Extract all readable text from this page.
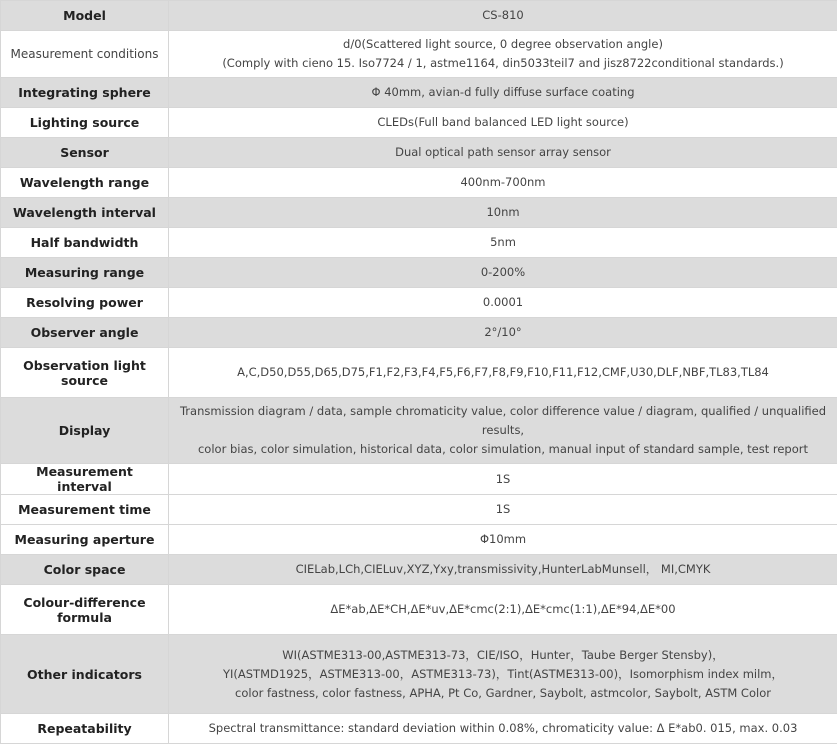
Model	CS-810

Measurement conditions	d/0(Scattered light source, 0 degree observation angle)
(Comply with cieno 15. Iso7724 / 1, astme1164, din5033teil7 and jisz8722conditional standards.)

Integrating sphere	Φ 40mm, avian-d fully diffuse surface coating

Lighting source	CLEDs(Full band balanced LED light source)

Sensor	Dual optical path sensor array sensor

Wavelength range	400nm-700nm

Wavelength interval	10nm

Half bandwidth	5nm

Measuring range	0-200%

Resolving power	0.0001

Observer angle	2°/10°

Observation light source	A,C,D50,D55,D65,D75,F1,F2,F3,F4,F5,F6,F7,F8,F9,F10,F11,F12,CMF,U30,DLF,NBF,TL83,TL84

Display	Transmission diagram / data, sample chromaticity value, color difference value / diagram, qualified / unqualified results,
color bias, color simulation, historical data, color simulation, manual input of standard sample, test report

Measurement interval	1S

Measurement time	1S

Measuring aperture	Φ10mm

Color space	CIELab,LCh,CIELuv,XYZ,Yxy,transmissivity,HunterLabMunsell， MI,CMYK

Colour-difference formula	ΔE*ab,ΔE*CH,ΔE*uv,ΔE*cmc(2:1),ΔE*cmc(1:1),ΔE*94,ΔE*00

Other indicators	WI(ASTME313-00,ASTME313-73，CIE/ISO，Hunter，Taube Berger Stensby)，
YI(ASTMD1925，ASTME313-00，ASTME313-73)，Tint(ASTME313-00)，Isomorphism index milm，
color fastness, color fastness, APHA, Pt Co, Gardner, Saybolt, astmcolor, Saybolt, ASTM Color

Repeatability	Spectral transmittance: standard deviation within 0.08%, chromaticity value: Δ E*ab0. 015, max. 0.03
